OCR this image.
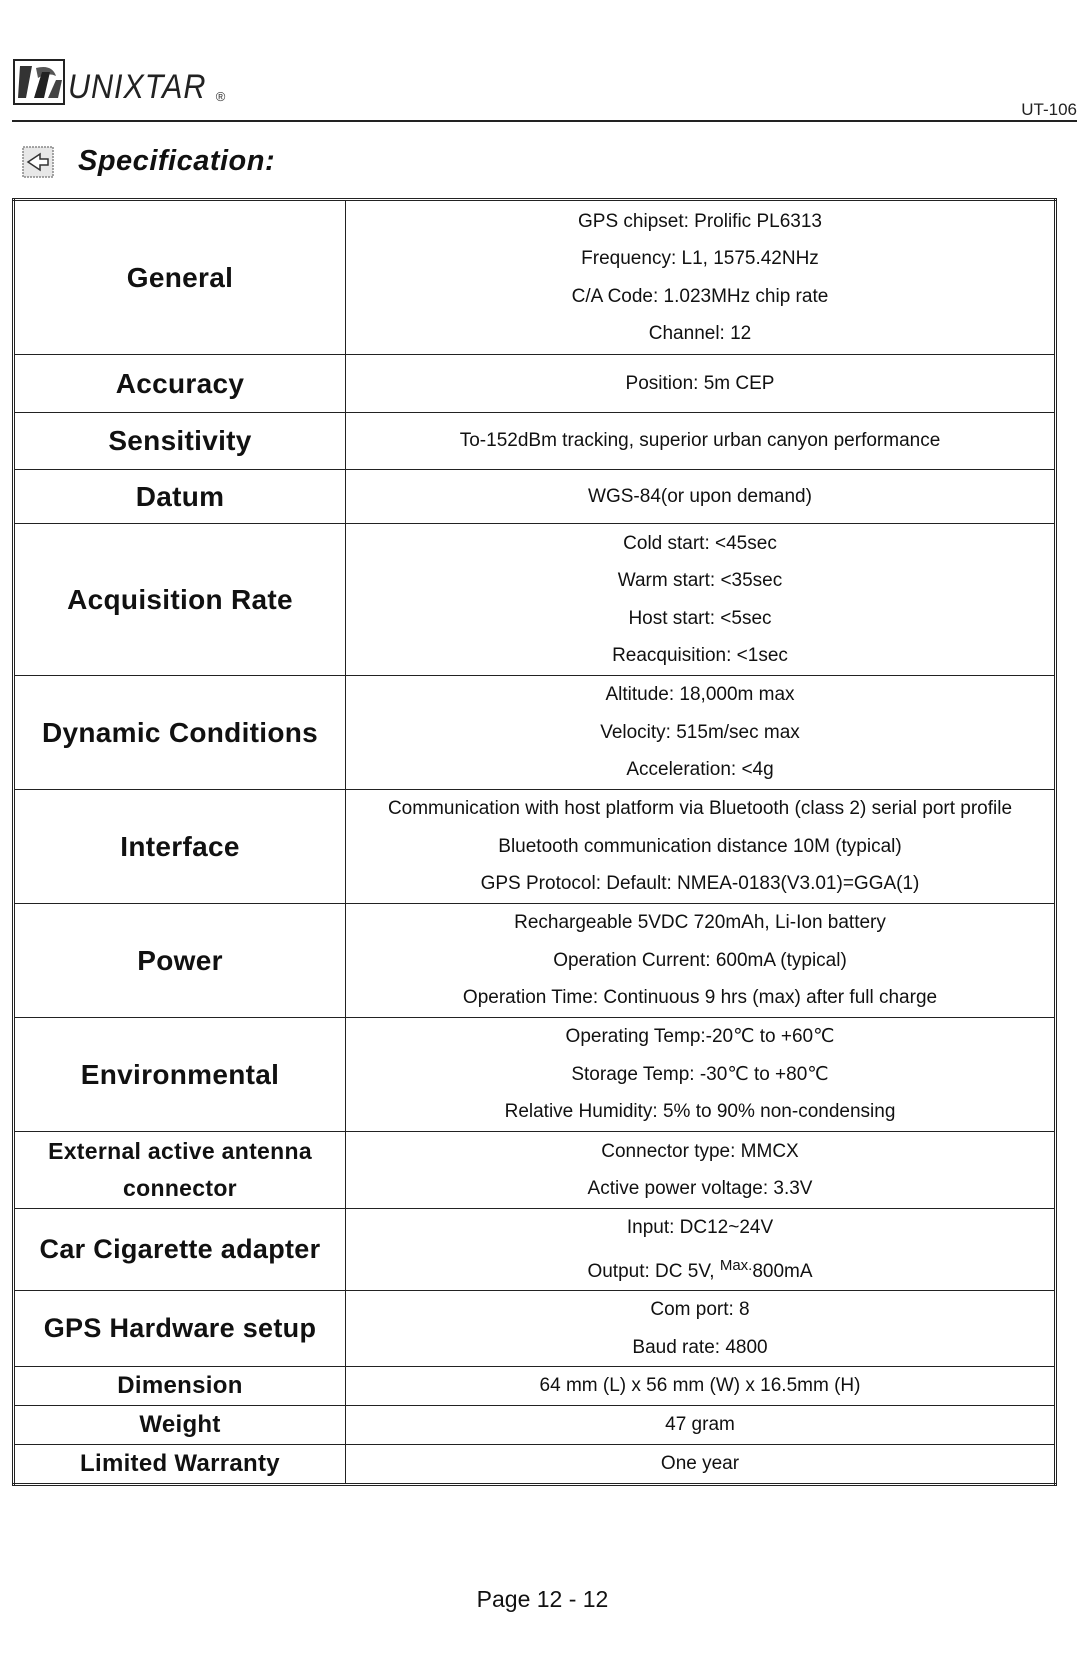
UNIXTAR ®
UT-106
Specification:
General	GPS chipset: Prolific PL6313
Frequency: L1, 1575.42NHz
C/A Code: 1.023MHz chip rate
Channel: 12

Accuracy	Position: 5m CEP

Sensitivity	To-152dBm tracking, superior urban canyon performance

Datum	WGS-84(or upon demand)

Acquisition Rate	Cold start: <45sec
Warm start: <35sec
Host start: <5sec
Reacquisition: <1sec

Dynamic Conditions	Altitude: 18,000m max
Velocity: 515m/sec max
Acceleration: <4g

Interface	Communication with host platform via Bluetooth (class 2) serial port profile
Bluetooth communication distance 10M (typical)
GPS Protocol: Default: NMEA-0183(V3.01)=GGA(1)

Power	Rechargeable 5VDC 720mAh, Li-Ion battery
Operation Current: 600mA (typical)
Operation Time: Continuous 9 hrs (max) after full charge

Environmental	Operating Temp:-20℃ to +60℃
Storage Temp: -30℃ to +80℃
Relative Humidity: 5% to 90% non-condensing

External active antenna
connector	Connector type: MMCX
Active power voltage: 3.3V

Car Cigarette adapter	Input: DC12~24V
Output: DC 5V, $^{Max.}$800mA

GPS Hardware setup	Com port: 8
Baud rate: 4800

Dimension	64 mm (L) x 56 mm (W) x 16.5mm (H)

Weight	47 gram

Limited Warranty	One year
Page 12 - 12
